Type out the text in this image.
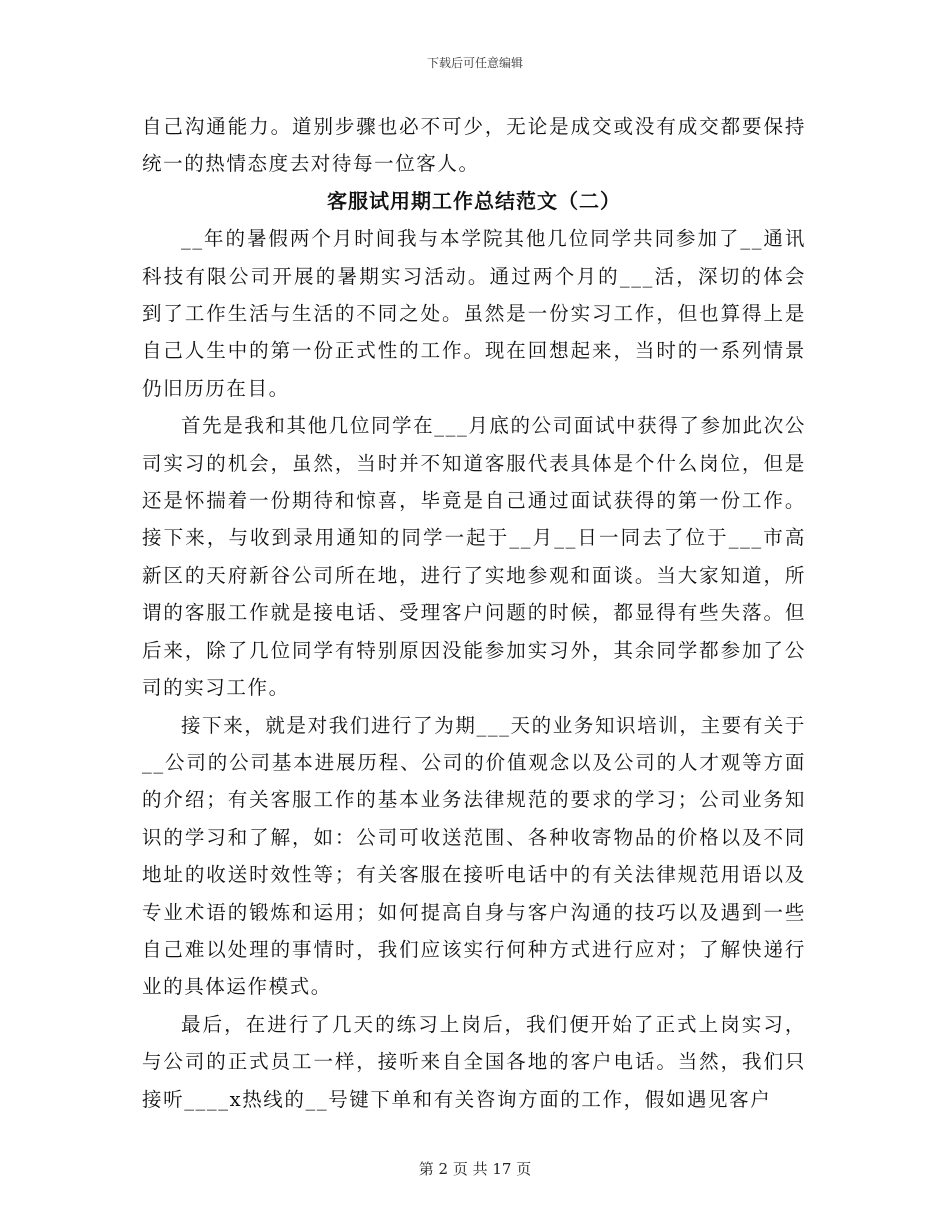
下载后可任意编辑

自己沟通能力。道别步骤也必不可少，无论是成交或没有成交都要保持统一的热情态度去对待每一位客人。

客服试用期工作总结范文（二）

__年的暑假两个月时间我与本学院其他几位同学共同参加了__通讯科技有限公司开展的暑期实习活动。通过两个月的___活，深切的体会到了工作生活与生活的不同之处。虽然是一份实习工作，但也算得上是自己人生中的第一份正式性的工作。现在回想起来，当时的一系列情景仍旧历历在目。

首先是我和其他几位同学在___月底的公司面试中获得了参加此次公司实习的机会，虽然，当时并不知道客服代表具体是个什么岗位，但是还是怀揣着一份期待和惊喜，毕竟是自己通过面试获得的第一份工作。接下来，与收到录用通知的同学一起于__月__日一同去了位于___市高新区的天府新谷公司所在地，进行了实地参观和面谈。当大家知道，所谓的客服工作就是接电话、受理客户问题的时候，都显得有些失落。但后来，除了几位同学有特别原因没能参加实习外，其余同学都参加了公司的实习工作。

接下来，就是对我们进行了为期___天的业务知识培训，主要有关于__公司的公司基本进展历程、公司的价值观念以及公司的人才观等方面的介绍；有关客服工作的基本业务法律规范的要求的学习；公司业务知识的学习和了解，如：公司可收送范围、各种收寄物品的价格以及不同地址的收送时效性等；有关客服在接听电话中的有关法律规范用语以及专业术语的锻炼和运用；如何提高自身与客户沟通的技巧以及遇到一些自己难以处理的事情时，我们应该实行何种方式进行应对；了解快递行业的具体运作模式。

最后，在进行了几天的练习上岗后，我们便开始了正式上岗实习，与公司的正式员工一样，接听来自全国各地的客户电话。当然，我们只接听____x热线的__号键下单和有关咨询方面的工作，假如遇见客户

第 2 页 共 17 页
